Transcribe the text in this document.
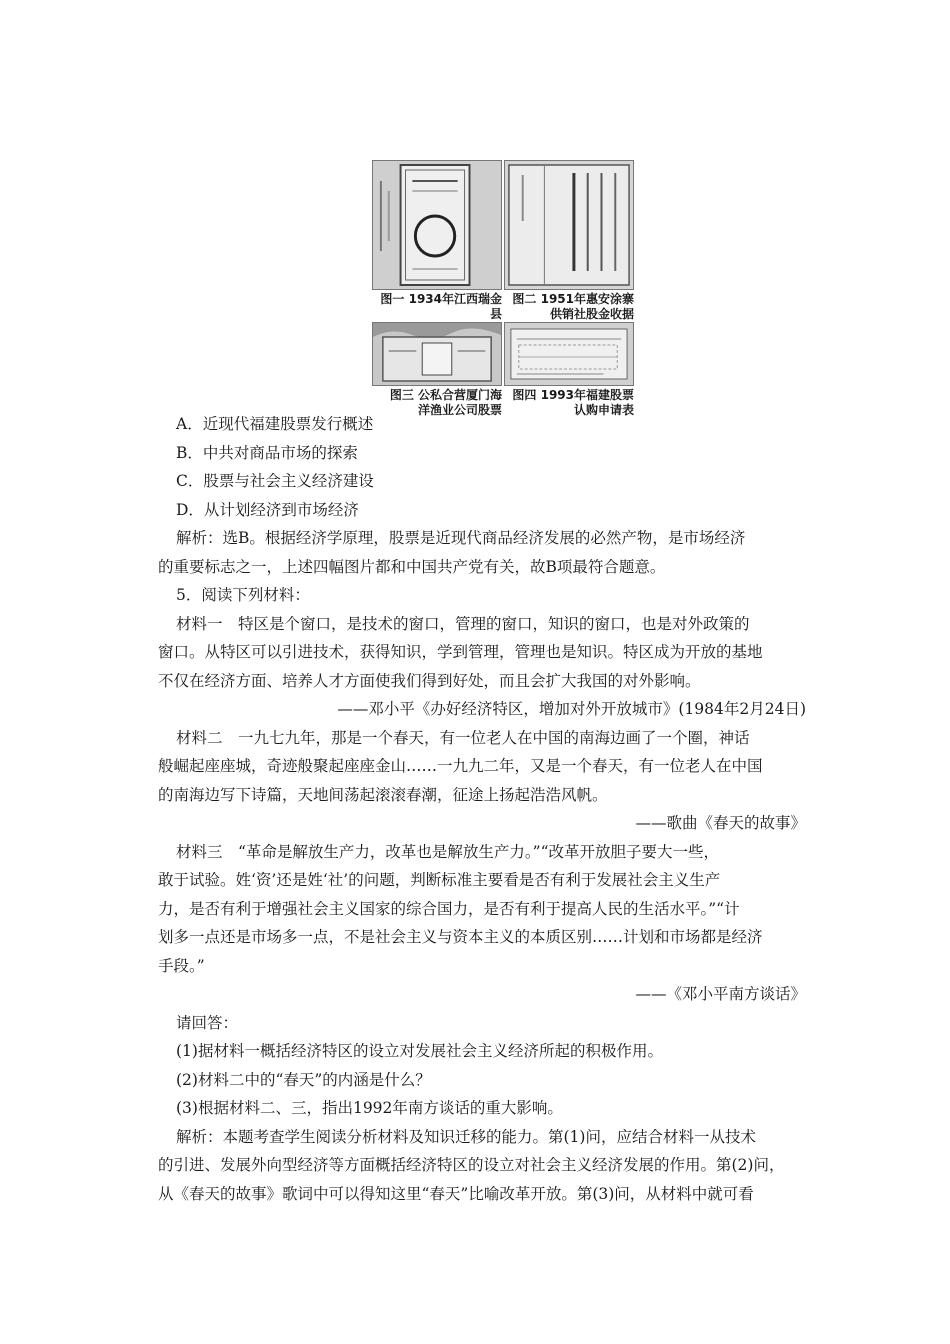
图一 1934年江西瑞金县
图二 1951年惠安涂寨
供销社股金收据
图三 公私合营厦门海
洋渔业公司股票
图四 1993年福建股票
认购申请表
A．近现代福建股票发行概述
B．中共对商品市场的探索
C．股票与社会主义经济建设
D．从计划经济到市场经济
解析：选B。根据经济学原理，股票是近现代商品经济发展的必然产物，是市场经济
的重要标志之一，上述四幅图片都和中国共产党有关，故B项最符合题意。
5．阅读下列材料：
材料一　特区是个窗口，是技术的窗口，管理的窗口，知识的窗口，也是对外政策的
窗口。从特区可以引进技术，获得知识，学到管理，管理也是知识。特区成为开放的基地
不仅在经济方面、培养人才方面使我们得到好处，而且会扩大我国的对外影响。
——邓小平《办好经济特区，增加对外开放城市》(1984年2月24日)
材料二　一九七九年，那是一个春天，有一位老人在中国的南海边画了一个圈，神话
般崛起座座城，奇迹般聚起座座金山……一九九二年，又是一个春天，有一位老人在中国
的南海边写下诗篇，天地间荡起滚滚春潮，征途上扬起浩浩风帆。
——歌曲《春天的故事》
材料三　“革命是解放生产力，改革也是解放生产力。”“改革开放胆子要大一些，
敢于试验。姓‘资’还是姓‘社’的问题，判断标准主要看是否有利于发展社会主义生产
力，是否有利于增强社会主义国家的综合国力，是否有利于提高人民的生活水平。”“计
划多一点还是市场多一点，不是社会主义与资本主义的本质区别……计划和市场都是经济
手段。”
——《邓小平南方谈话》
请回答：
(1)据材料一概括经济特区的设立对发展社会主义经济所起的积极作用。
(2)材料二中的“春天”的内涵是什么？
(3)根据材料二、三，指出1992年南方谈话的重大影响。
解析：本题考查学生阅读分析材料及知识迁移的能力。第(1)问，应结合材料一从技术
的引进、发展外向型经济等方面概括经济特区的设立对社会主义经济发展的作用。第(2)问，
从《春天的故事》歌词中可以得知这里“春天”比喻改革开放。第(3)问，从材料中就可看
